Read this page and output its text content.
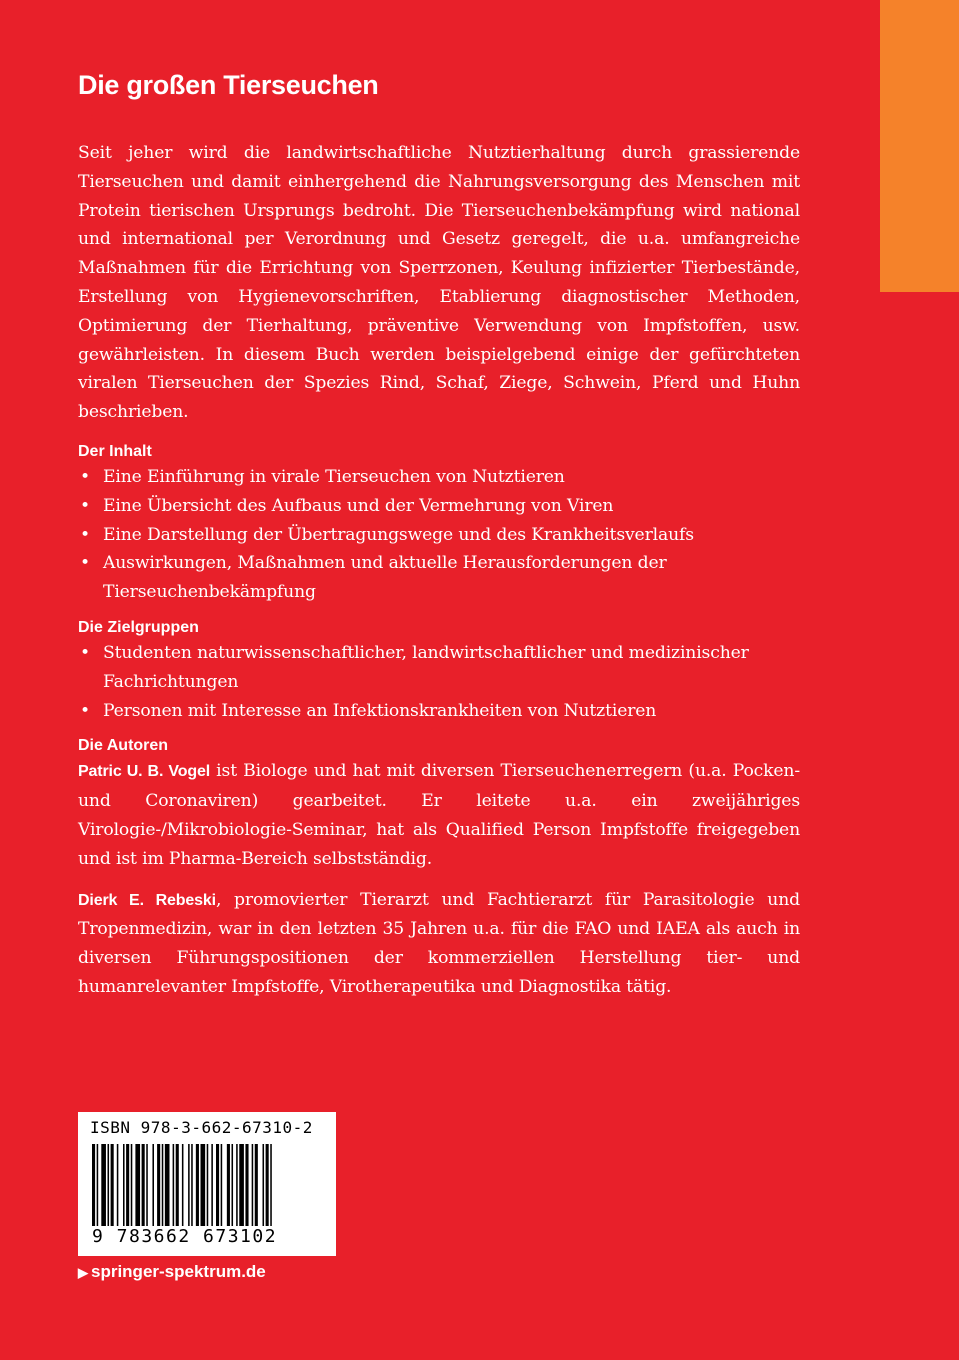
Die großen Tierseuchen

Seit jeher wird die landwirtschaftliche Nutztierhaltung durch grassierende Tierseuchen und damit einhergehend die Nahrungsversorgung des Menschen mit Protein tierischen Ursprungs bedroht. Die Tierseuchenbekämpfung wird national und international per Verordnung und Gesetz geregelt, die u.a. umfangreiche Maßnahmen für die Errichtung von Sperrzonen, Keulung infizierter Tierbestände, Erstellung von Hygienevorschriften, Etablierung diagnostischer Methoden, Optimierung der Tierhaltung, präventive Verwendung von Impfstoffen, usw. gewährleisten. In diesem Buch werden beispielgebend einige der gefürchteten viralen Tierseuchen der Spezies Rind, Schaf, Ziege, Schwein, Pferd und Huhn beschrieben.

Der Inhalt
• Eine Einführung in virale Tierseuchen von Nutztieren
• Eine Übersicht des Aufbaus und der Vermehrung von Viren
• Eine Darstellung der Übertragungswege und des Krankheitsverlaufs
• Auswirkungen, Maßnahmen und aktuelle Herausforderungen der Tierseuchenbekämpfung
Die Zielgruppen
• Studenten naturwissenschaftlicher, landwirtschaftlicher und medizinischer Fachrichtungen
• Personen mit Interesse an Infektionskrankheiten von Nutztieren
Die Autoren

Patric U. B. Vogel ist Biologe und hat mit diversen Tierseuchenerregern (u.a. Pocken- und Coronaviren) gearbeitet. Er leitete u.a. ein zweijähriges Virologie-/Mikrobiologie-Seminar, hat als Qualified Person Impfstoffe freigegeben und ist im Pharma-Bereich selbstständig.

Dierk E. Rebeski, promovierter Tierarzt und Fachtierarzt für Parasitologie und Tropenmedizin, war in den letzten 35 Jahren u.a. für die FAO und IAEA als auch in diversen Führungspositionen der kommerziellen Herstellung tier- und humanrelevanter Impfstoffe, Virotherapeutika und Diagnostika tätig.

ISBN 978-3-662-67310-2
9 783662 673102
▶ springer-spektrum.de
